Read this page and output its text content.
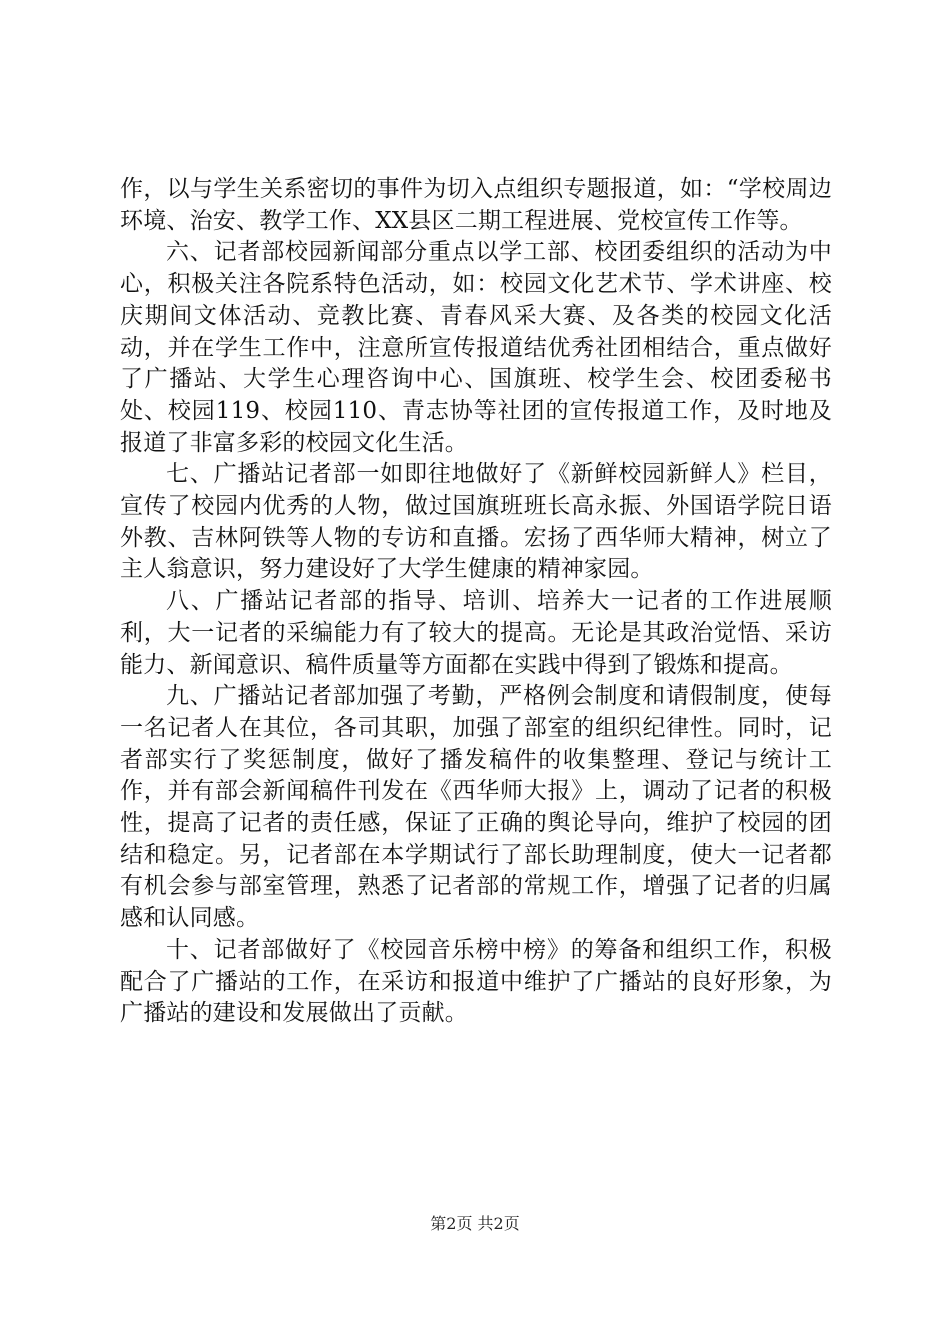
作，以与学生关系密切的事件为切入点组织专题报道，如：“学校周边环境、治安、教学工作、XX县区二期工程进展、党校宣传工作等。

六、记者部校园新闻部分重点以学工部、校团委组织的活动为中心，积极关注各院系特色活动，如：校园文化艺术节、学术讲座、校庆期间文体活动、竞教比赛、青春风采大赛、及各类的校园文化活动，并在学生工作中，注意所宣传报道结优秀社团相结合，重点做好了广播站、大学生心理咨询中心、国旗班、校学生会、校团委秘书处、校园119、校园110、青志协等社团的宣传报道工作，及时地及报道了非富多彩的校园文化生活。

七、广播站记者部一如即往地做好了《新鲜校园新鲜人》栏目，宣传了校园内优秀的人物，做过国旗班班长高永振、外国语学院日语外教、吉林阿铁等人物的专访和直播。宏扬了西华师大精神，树立了主人翁意识，努力建设好了大学生健康的精神家园。

八、广播站记者部的指导、培训、培养大一记者的工作进展顺利，大一记者的采编能力有了较大的提高。无论是其政治觉悟、采访能力、新闻意识、稿件质量等方面都在实践中得到了锻炼和提高。

九、广播站记者部加强了考勤，严格例会制度和请假制度，使每一名记者人在其位，各司其职，加强了部室的组织纪律性。同时，记者部实行了奖惩制度，做好了播发稿件的收集整理、登记与统计工作，并有部会新闻稿件刊发在《西华师大报》上，调动了记者的积极性，提高了记者的责任感，保证了正确的舆论导向，维护了校园的团结和稳定。另，记者部在本学期试行了部长助理制度，使大一记者都有机会参与部室管理，熟悉了记者部的常规工作，增强了记者的归属感和认同感。

十、记者部做好了《校园音乐榜中榜》的筹备和组织工作，积极配合了广播站的工作，在采访和报道中维护了广播站的良好形象，为广播站的建设和发展做出了贡献。

第2页 共2页
